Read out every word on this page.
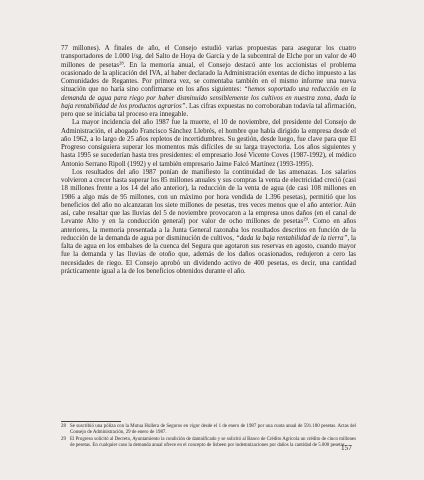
77 millones). A finales de año, el Consejo estudió varias propuestas para asegurar los cuatro transportadores de 1.000 l/sg. del Salto de Hoya de García y de la subcentral de Elche por un valor de 40 millones de pesetas$^{28}$. En la memoria anual, el Consejo destacó ante los accionistas el problema ocasionado de la aplicación del IVA, al haber declarado la Administración exentas de dicho impuesto a las Comunidades de Regantes. Por primera vez, se comentaba también en el mismo informe una nueva situación que no haría sino confirmarse en los años siguientes: “hemos soportado una reducción en la demanda de agua para riego por haber disminuido sensiblemente los cultivos en nuestra zona, dada la baja rentabilidad de los productos agrarios”. Las cifras expuestas no corroboraban todavía tal afirmación, pero que se iniciaba tal proceso era innegable.

La mayor incidencia del año 1987 fue la muerte, el 10 de noviembre, del presidente del Consejo de Administración, el abogado Francisco Sánchez Llebrés, el hombre que había dirigido la empresa desde el año 1962, a lo largo de 25 años repletos de incertidumbres. Su gestión, desde luego, fue clave para que El Progreso consiguiera superar los momentos más difíciles de su larga trayectoria. Los años siguientes y hasta 1995 se sucederían hasta tres presidentes: el empresario José Vicente Coves (1987-1992), el médico Antonio Serrano Ripoll (1992) y el también empresario Jaime Falcó Martínez (1993-1995).

Los resultados del año 1987 ponían de manifiesto la continuidad de las amenazas. Los salarios volvieron a crecer hasta superar los 85 millones anuales y sus compras la venta de electricidad creció (casi 18 millones frente a los 14 del año anterior), la reducción de la venta de agua (de casi 108 millones en 1986 a algo más de 95 millones, con un máximo por hora vendida de 1.396 pesetas), permitió que los beneficios del año no alcanzaran los siete millones de pesetas, tres veces menos que el año anterior. Aún así, cabe resaltar que las lluvias del 5 de noviembre provocaron a la empresa unos daños (en el canal de Levante Alto y en la conducción general) por valor de ocho millones de pesetas$^{29}$. Como en años anteriores, la memoria presentada a la Junta General razonaba los resultados descritos en función de la reducción de la demanda de agua por disminución de cultivos, “dada la baja rentabilidad de la tierra”, la falta de agua en los embalses de la cuenca del Segura que agotaron sus reservas en agosto, cuando mayor fue la demanda y las lluvias de otoño que, además de los daños ocasionados, redujeron a cero las necesidades de riego. El Consejo aprobó un dividendo activo de 400 pesetas, es decir, una cantidad prácticamente igual a la de los beneficios obtenidos durante el año.

28 Se suscribió una póliza con la Mutua Hullera de Seguros en vigor desde el 1 de enero de 1987 por una cuota anual de 591.180 pesetas. Actas del Consejo de Administración, 29 de enero de 1987.
29 El Progreso solicitó al Decreto, Ayuntamiento la condición de damnificado y se solicitó al Banco de Crédito Agrícola un crédito de cinco millones de pesetas. En cualquier caso la demanda anual ofrece en el concepto de lisbeen por indemnizaciones por daños la cantidad de 5.000 pesetas.
157
